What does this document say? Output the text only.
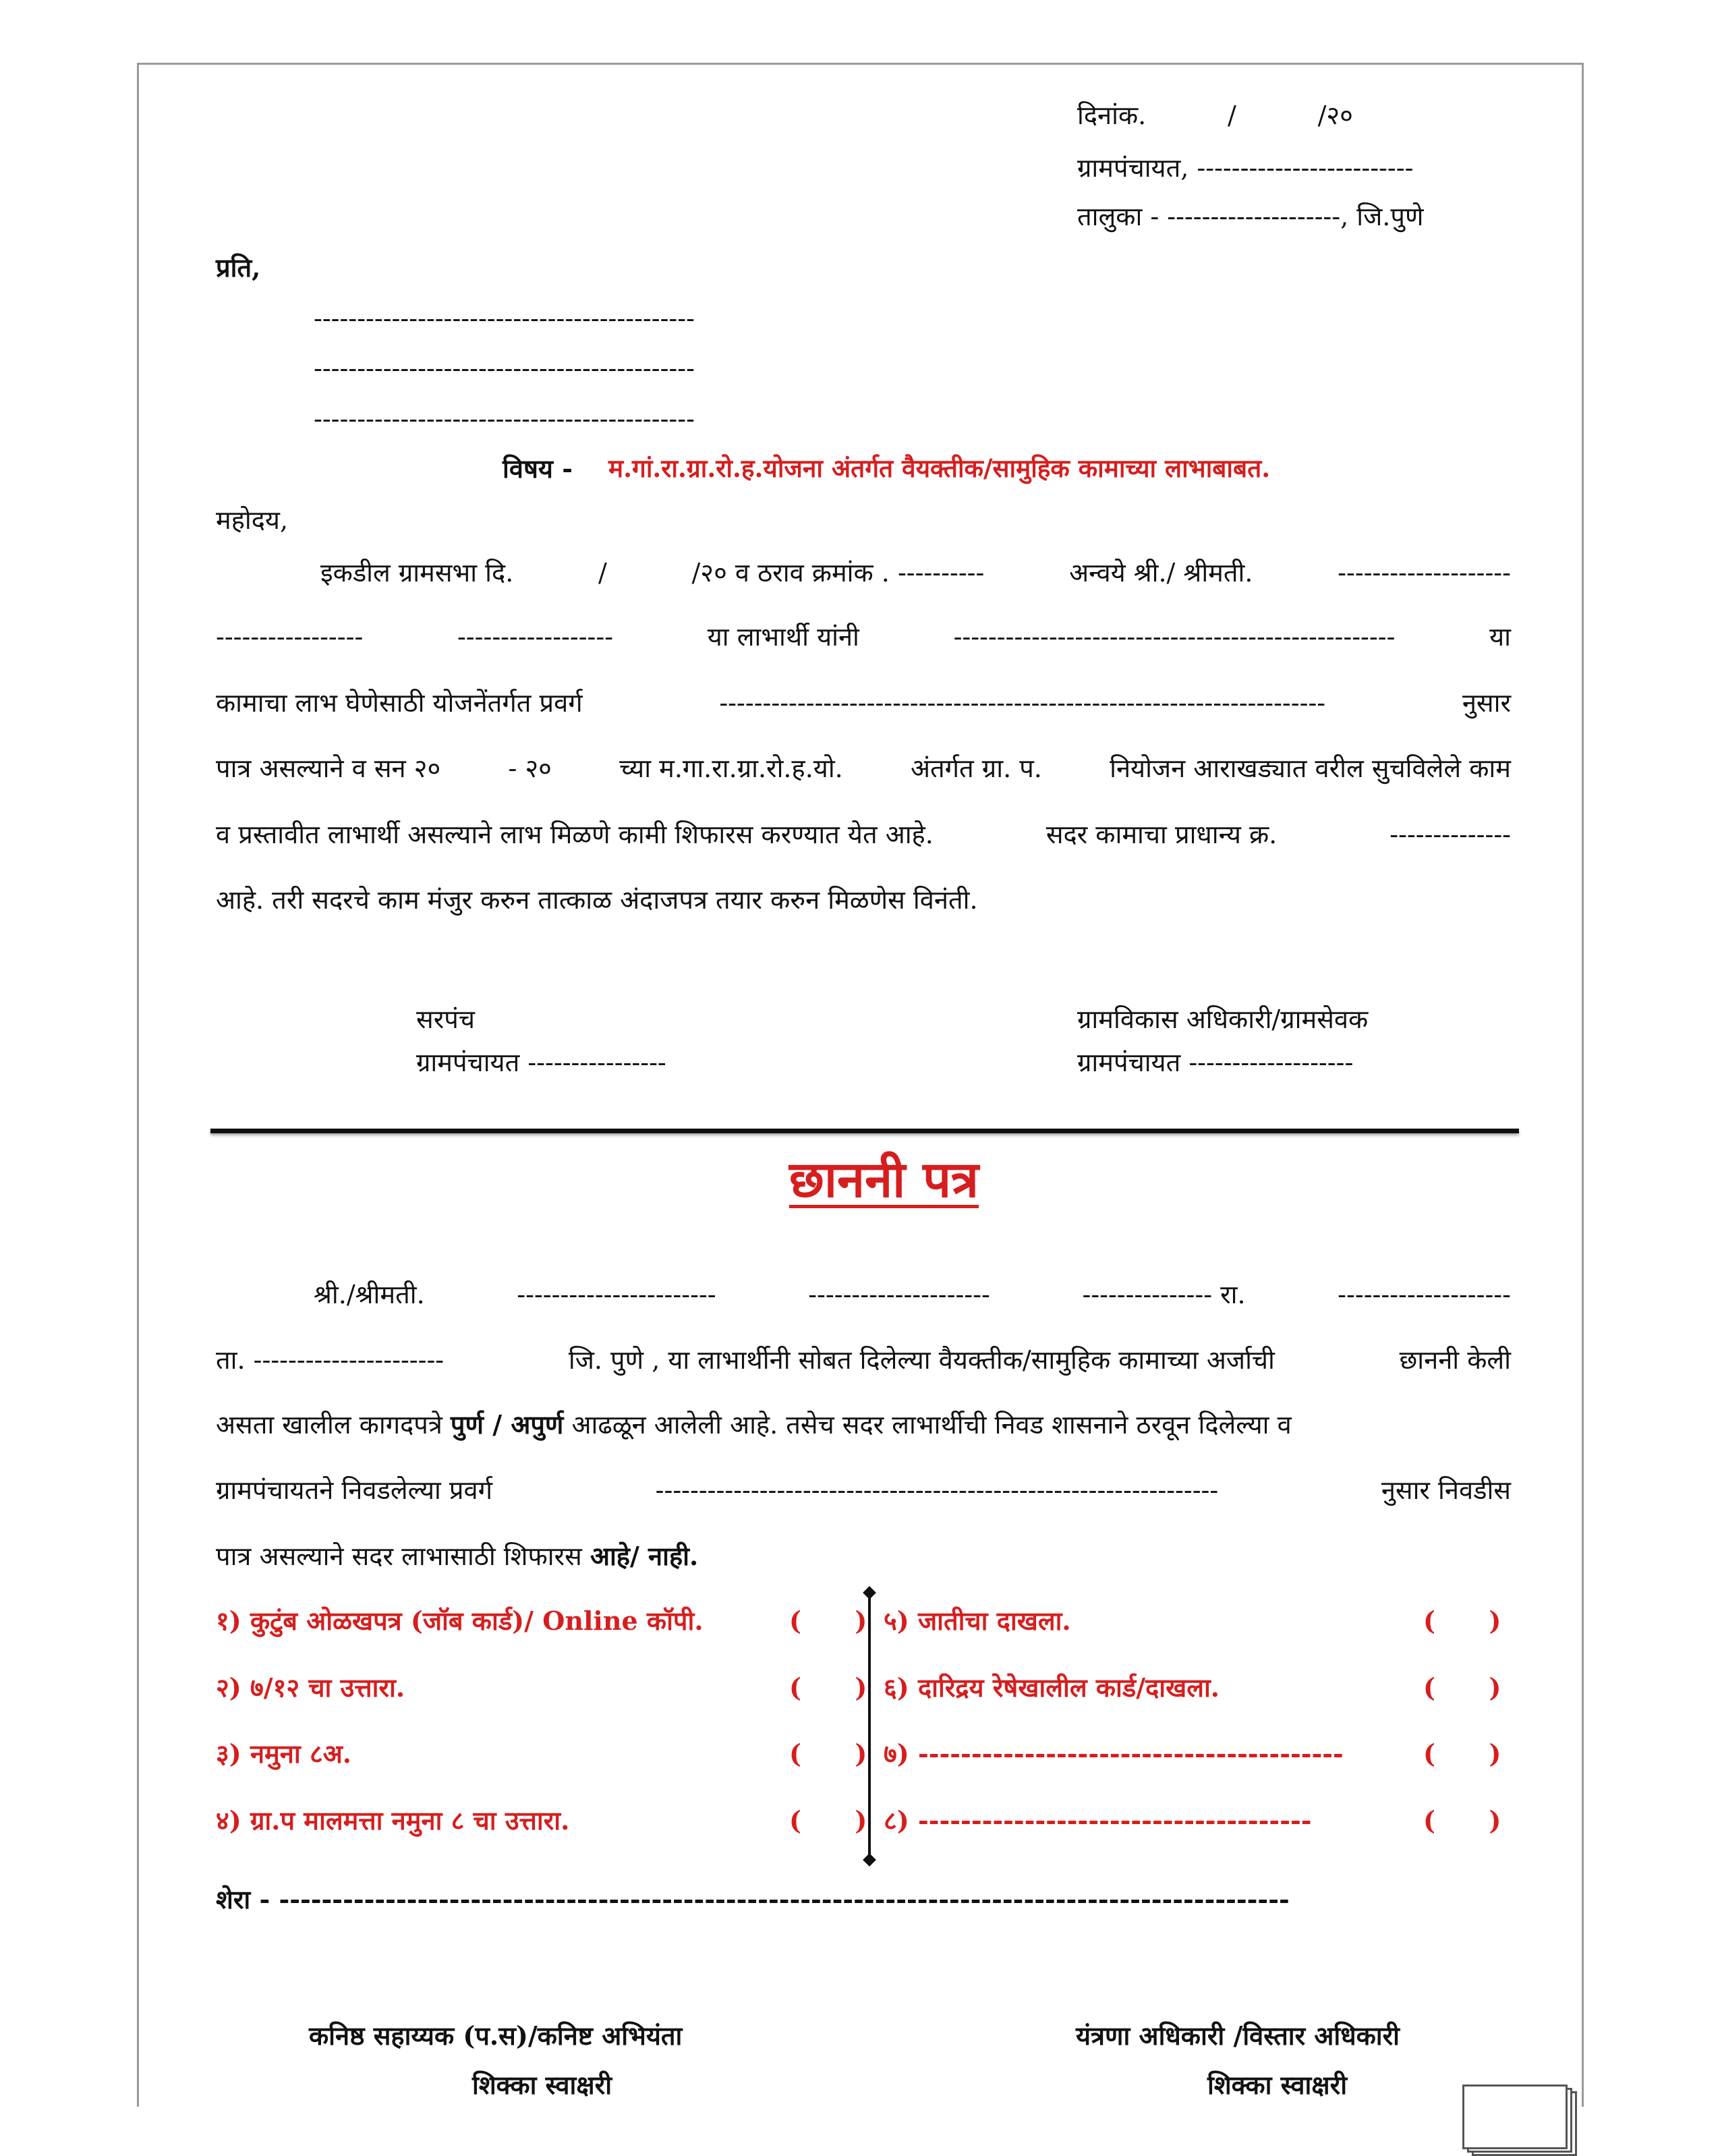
दिनांक.          /          /२०
ग्रामपंचायत, -------------------------
तालुका - --------------------, जि.पुणे
प्रति,
--------------------------------------------
--------------------------------------------
--------------------------------------------
विषय - म.गां.रा.ग्रा.रो.ह.योजना अंतर्गत वैयक्तीक/सामुहिक कामाच्या लाभाबाबत.
महोदय,
इकडील ग्रामसभा दि.	/	/२० व ठराव क्रमांक . ----------	अन्वये श्री./ श्रीमती.	--------------------
-----------------	------------------	या लाभार्थी यांनी	---------------------------------------------------	या
कामाचा लाभ घेणेसाठी योजनेंतर्गत प्रवर्ग	----------------------------------------------------------------------	नुसार
पात्र असल्याने व सन २०	- २०	च्या म.गा.रा.ग्रा.रो.ह.यो.	अंतर्गत ग्रा. प.	नियोजन आराखड्यात वरील सुचविलेले काम
व प्रस्तावीत लाभार्थी असल्याने लाभ मिळणे कामी शिफारस करण्यात येत आहे.	सदर कामाचा प्राधान्य क्र.	--------------
आहे. तरी सदरचे काम मंजुर करुन तात्काळ अंदाजपत्र तयार करुन मिळणेस विनंती.
सरपंच
ग्रामपंचायत ----------------
ग्रामविकास अधिकारी/ग्रामसेवक
ग्रामपंचायत -------------------
छाननी पत्र
श्री./श्रीमती.	-----------------------	---------------------	--------------- रा.	--------------------
ता. ----------------------	जि. पुणे , या लाभार्थीनी सोबत दिलेल्या वैयक्तीक/सामुहिक कामाच्या अर्जाची	छाननी केली
असता खालील कागदपत्रे पुर्ण / अपुर्ण आढळून आलेली आहे. तसेच सदर लाभार्थीची निवड शासनाने ठरवून दिलेल्या व
ग्रामपंचायतने निवडलेल्या प्रवर्ग	-----------------------------------------------------------------	नुसार निवडीस
पात्र असल्याने सदर लाभासाठी शिफारस आहे/ नाही.
१) कुटुंब ओळखपत्र (जॉब कार्ड)/ Online कॉपी.	(      )
२) ७/१२ चा उत्तारा.	(      )
३) नमुना ८अ.	(      )
४) ग्रा.प मालमत्ता नमुना ८ चा उत्तारा.	(      )
५) जातीचा दाखला.	(      )
६) दारिद्रय रेषेखालील कार्ड/दाखला.	(      )
७) ----------------------------------------	(      )
८) -------------------------------------	(      )
शेरा - -----------------------------------------------------------------------------------------------
कनिष्ठ सहाय्यक (प.स)/कनिष्ट अभियंता
शिक्का स्वाक्षरी
यंत्रणा अधिकारी /विस्तार अधिकारी
शिक्का स्वाक्षरी
